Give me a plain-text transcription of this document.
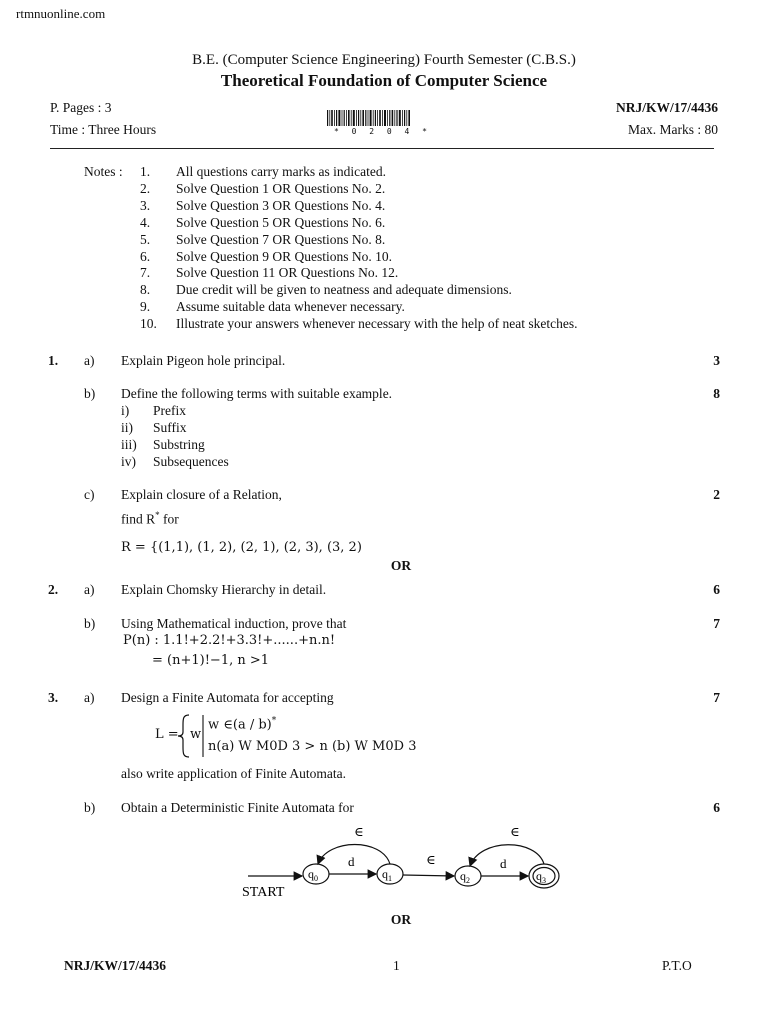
rtmnuonline.com
B.E. (Computer Science Engineering) Fourth Semester (C.B.S.)
Theoretical Foundation of Computer Science
P. Pages : 3	NRJ/KW/17/4436
Time : Three Hours	Max. Marks : 80
* 0 2 0 4 *
Notes : 1. All questions carry marks as indicated.
2. Solve Question 1 OR Questions No. 2.
3. Solve Question 3 OR Questions No. 4.
4. Solve Question 5 OR Questions No. 6.
5. Solve Question 7 OR Questions No. 8.
6. Solve Question 9 OR Questions No. 10.
7. Solve Question 11 OR Questions No. 12.
8. Due credit will be given to neatness and adequate dimensions.
9. Assume suitable data whenever necessary.
10. Illustrate your answers whenever necessary with the help of neat sketches.
1. a) Explain Pigeon hole principal.	3
b) Define the following terms with suitable example.	8
i) Prefix
ii) Suffix
iii) Substring
iv) Subsequences
c) Explain closure of a Relation,	2
find R* for
R = {(1,1), (1, 2), (2, 1), (2, 3), (3, 2)
OR
2. a) Explain Chomsky Hierarchy in detail.	6
b) Using Mathematical induction, prove that	7
P(n) : 1.1!+2.2!+3.3!+......+n.n!
= (n+1)!−1, n >1
3. a) Design a Finite Automata for accepting	7
L = w
w ∈(a / b)*
n(a) W M0D 3 > n (b) W M0D 3
also write application of Finite Automata.
b) Obtain a Deterministic Finite Automata for	6
START
$q_0$	$q_1$	$q_2$	$q_3$
d
∈
∈	d
∈
OR
NRJ/KW/17/4436	1	P.T.O
